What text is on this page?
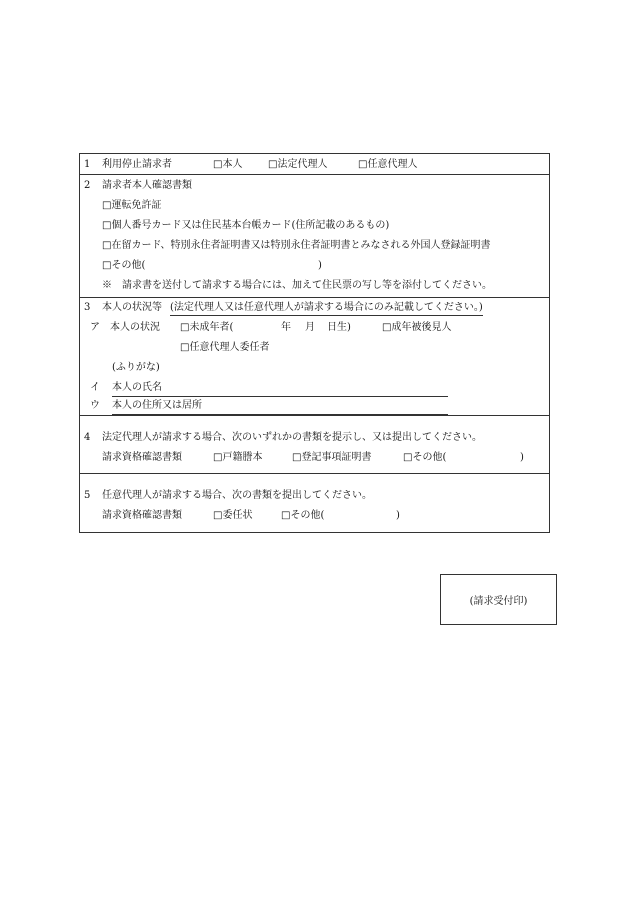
1 利用停止請求者	□本人	□法定代理人	□任意代理人
2 請求者本人確認書類
□運転免許証
□個人番号カード又は住民基本台帳カード(住所記載のあるもの)
□在留カード、特別永住者証明書又は特別永住者証明書とみなされる外国人登録証明書
□その他(	)
※　請求書を送付して請求する場合には、加えて住民票の写し等を添付してください。
3 本人の状況等 (法定代理人又は任意代理人が請求する場合にのみ記載してください。)
ア　本人の状況 □未成年者(	年 月 日生)	□成年被後見人
□任意代理人委任者
(ふりがな)
イ 本人の氏名
ウ 本人の住所又は居所
4 法定代理人が請求する場合、次のいずれかの書類を提示し、又は提出してください。
請求資格確認書類	□戸籍謄本	□登記事項証明書	□その他(	)
5 任意代理人が請求する場合、次の書類を提出してください。
請求資格確認書類	□委任状	□その他(	)
(請求受付印)
